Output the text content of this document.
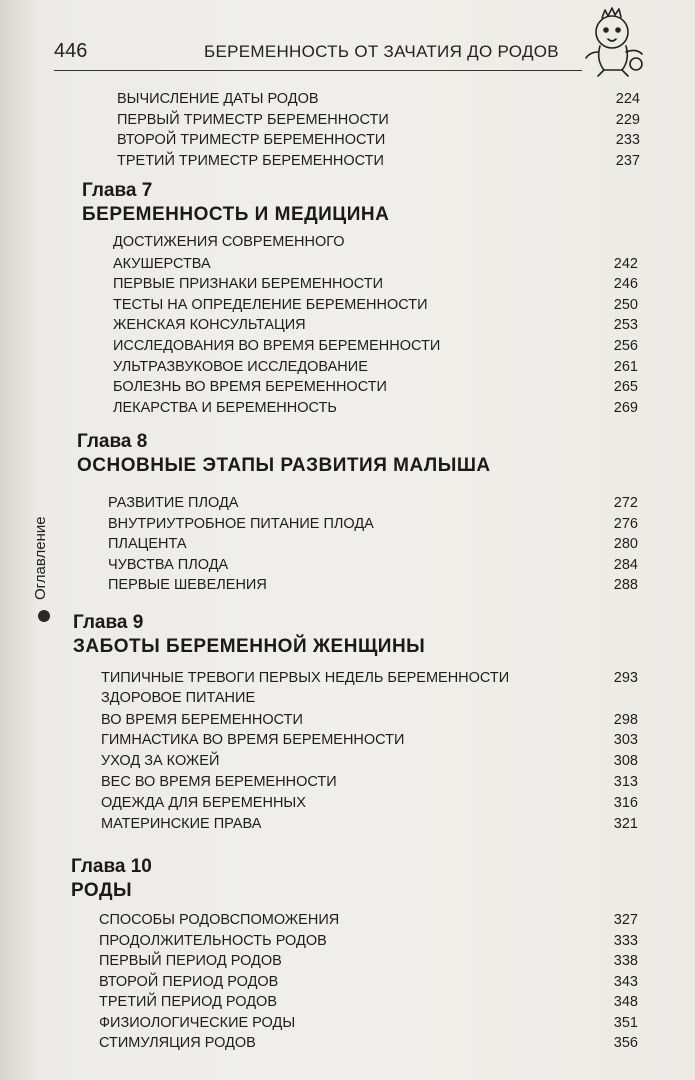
446	БЕРЕМЕННОСТЬ ОТ ЗАЧАТИЯ ДО РОДОВ
Оглавление
ВЫЧИСЛЕНИЕ ДАТЫ РОДОВ	224
ПЕРВЫЙ ТРИМЕСТР БЕРЕМЕННОСТИ	229
ВТОРОЙ ТРИМЕСТР БЕРЕМЕННОСТИ	233
ТРЕТИЙ ТРИМЕСТР БЕРЕМЕННОСТИ	237
Глава 7
БЕРЕМЕННОСТЬ И МЕДИЦИНА
ДОСТИЖЕНИЯ СОВРЕМЕННОГО
АКУШЕРСТВА	242
ПЕРВЫЕ ПРИЗНАКИ БЕРЕМЕННОСТИ	246
ТЕСТЫ НА ОПРЕДЕЛЕНИЕ БЕРЕМЕННОСТИ	250
ЖЕНСКАЯ КОНСУЛЬТАЦИЯ	253
ИССЛЕДОВАНИЯ ВО ВРЕМЯ БЕРЕМЕННОСТИ	256
УЛЬТРАЗВУКОВОЕ ИССЛЕДОВАНИЕ	261
БОЛЕЗНЬ ВО ВРЕМЯ БЕРЕМЕННОСТИ	265
ЛЕКАРСТВА И БЕРЕМЕННОСТЬ	269
Глава 8
ОСНОВНЫЕ ЭТАПЫ РАЗВИТИЯ МАЛЫША
РАЗВИТИЕ ПЛОДА	272
ВНУТРИУТРОБНОЕ ПИТАНИЕ ПЛОДА	276
ПЛАЦЕНТА	280
ЧУВСТВА ПЛОДА	284
ПЕРВЫЕ ШЕВЕЛЕНИЯ	288
Глава 9
ЗАБОТЫ БЕРЕМЕННОЙ ЖЕНЩИНЫ
ТИПИЧНЫЕ ТРЕВОГИ ПЕРВЫХ НЕДЕЛЬ БЕРЕМЕННОСТИ	293
ЗДОРОВОЕ ПИТАНИЕ
ВО ВРЕМЯ БЕРЕМЕННОСТИ	298
ГИМНАСТИКА ВО ВРЕМЯ БЕРЕМЕННОСТИ	303
УХОД ЗА КОЖЕЙ	308
ВЕС ВО ВРЕМЯ БЕРЕМЕННОСТИ	313
ОДЕЖДА ДЛЯ БЕРЕМЕННЫХ	316
МАТЕРИНСКИЕ ПРАВА	321
Глава 10
РОДЫ
СПОСОБЫ РОДОВСПОМОЖЕНИЯ	327
ПРОДОЛЖИТЕЛЬНОСТЬ РОДОВ	333
ПЕРВЫЙ ПЕРИОД РОДОВ	338
ВТОРОЙ ПЕРИОД РОДОВ	343
ТРЕТИЙ ПЕРИОД РОДОВ	348
ФИЗИОЛОГИЧЕСКИЕ РОДЫ	351
СТИМУЛЯЦИЯ РОДОВ	356
